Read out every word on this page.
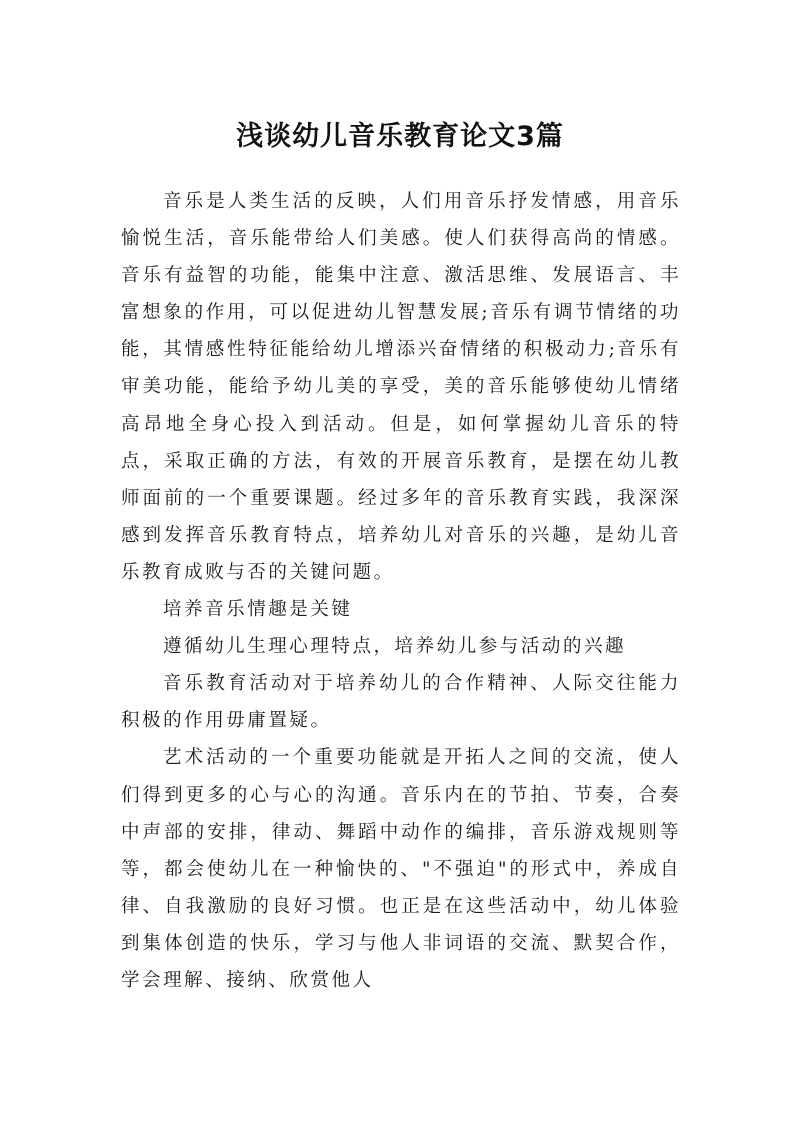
浅谈幼儿音乐教育论文3篇

音乐是人类生活的反映，人们用音乐抒发情感，用音乐愉悦生活，音乐能带给人们美感。使人们获得高尚的情感。音乐有益智的功能，能集中注意、激活思维、发展语言、丰富想象的作用，可以促进幼儿智慧发展;音乐有调节情绪的功能，其情感性特征能给幼儿增添兴奋情绪的积极动力;音乐有审美功能，能给予幼儿美的享受，美的音乐能够使幼儿情绪高昂地全身心投入到活动。但是，如何掌握幼儿音乐的特点，采取正确的方法，有效的开展音乐教育，是摆在幼儿教师面前的一个重要课题。经过多年的音乐教育实践，我深深感到发挥音乐教育特点，培养幼儿对音乐的兴趣，是幼儿音乐教育成败与否的关键问题。

培养音乐情趣是关键

遵循幼儿生理心理特点，培养幼儿参与活动的兴趣

音乐教育活动对于培养幼儿的合作精神、人际交往能力积极的作用毋庸置疑。

艺术活动的一个重要功能就是开拓人之间的交流，使人们得到更多的心与心的沟通。音乐内在的节拍、节奏，合奏中声部的安排，律动、舞蹈中动作的编排，音乐游戏规则等等，都会使幼儿在一种愉快的、"不强迫"的形式中，养成自律、自我激励的良好习惯。也正是在这些活动中，幼儿体验到集体创造的快乐，学习与他人非词语的交流、默契合作，学会理解、接纳、欣赏他人
